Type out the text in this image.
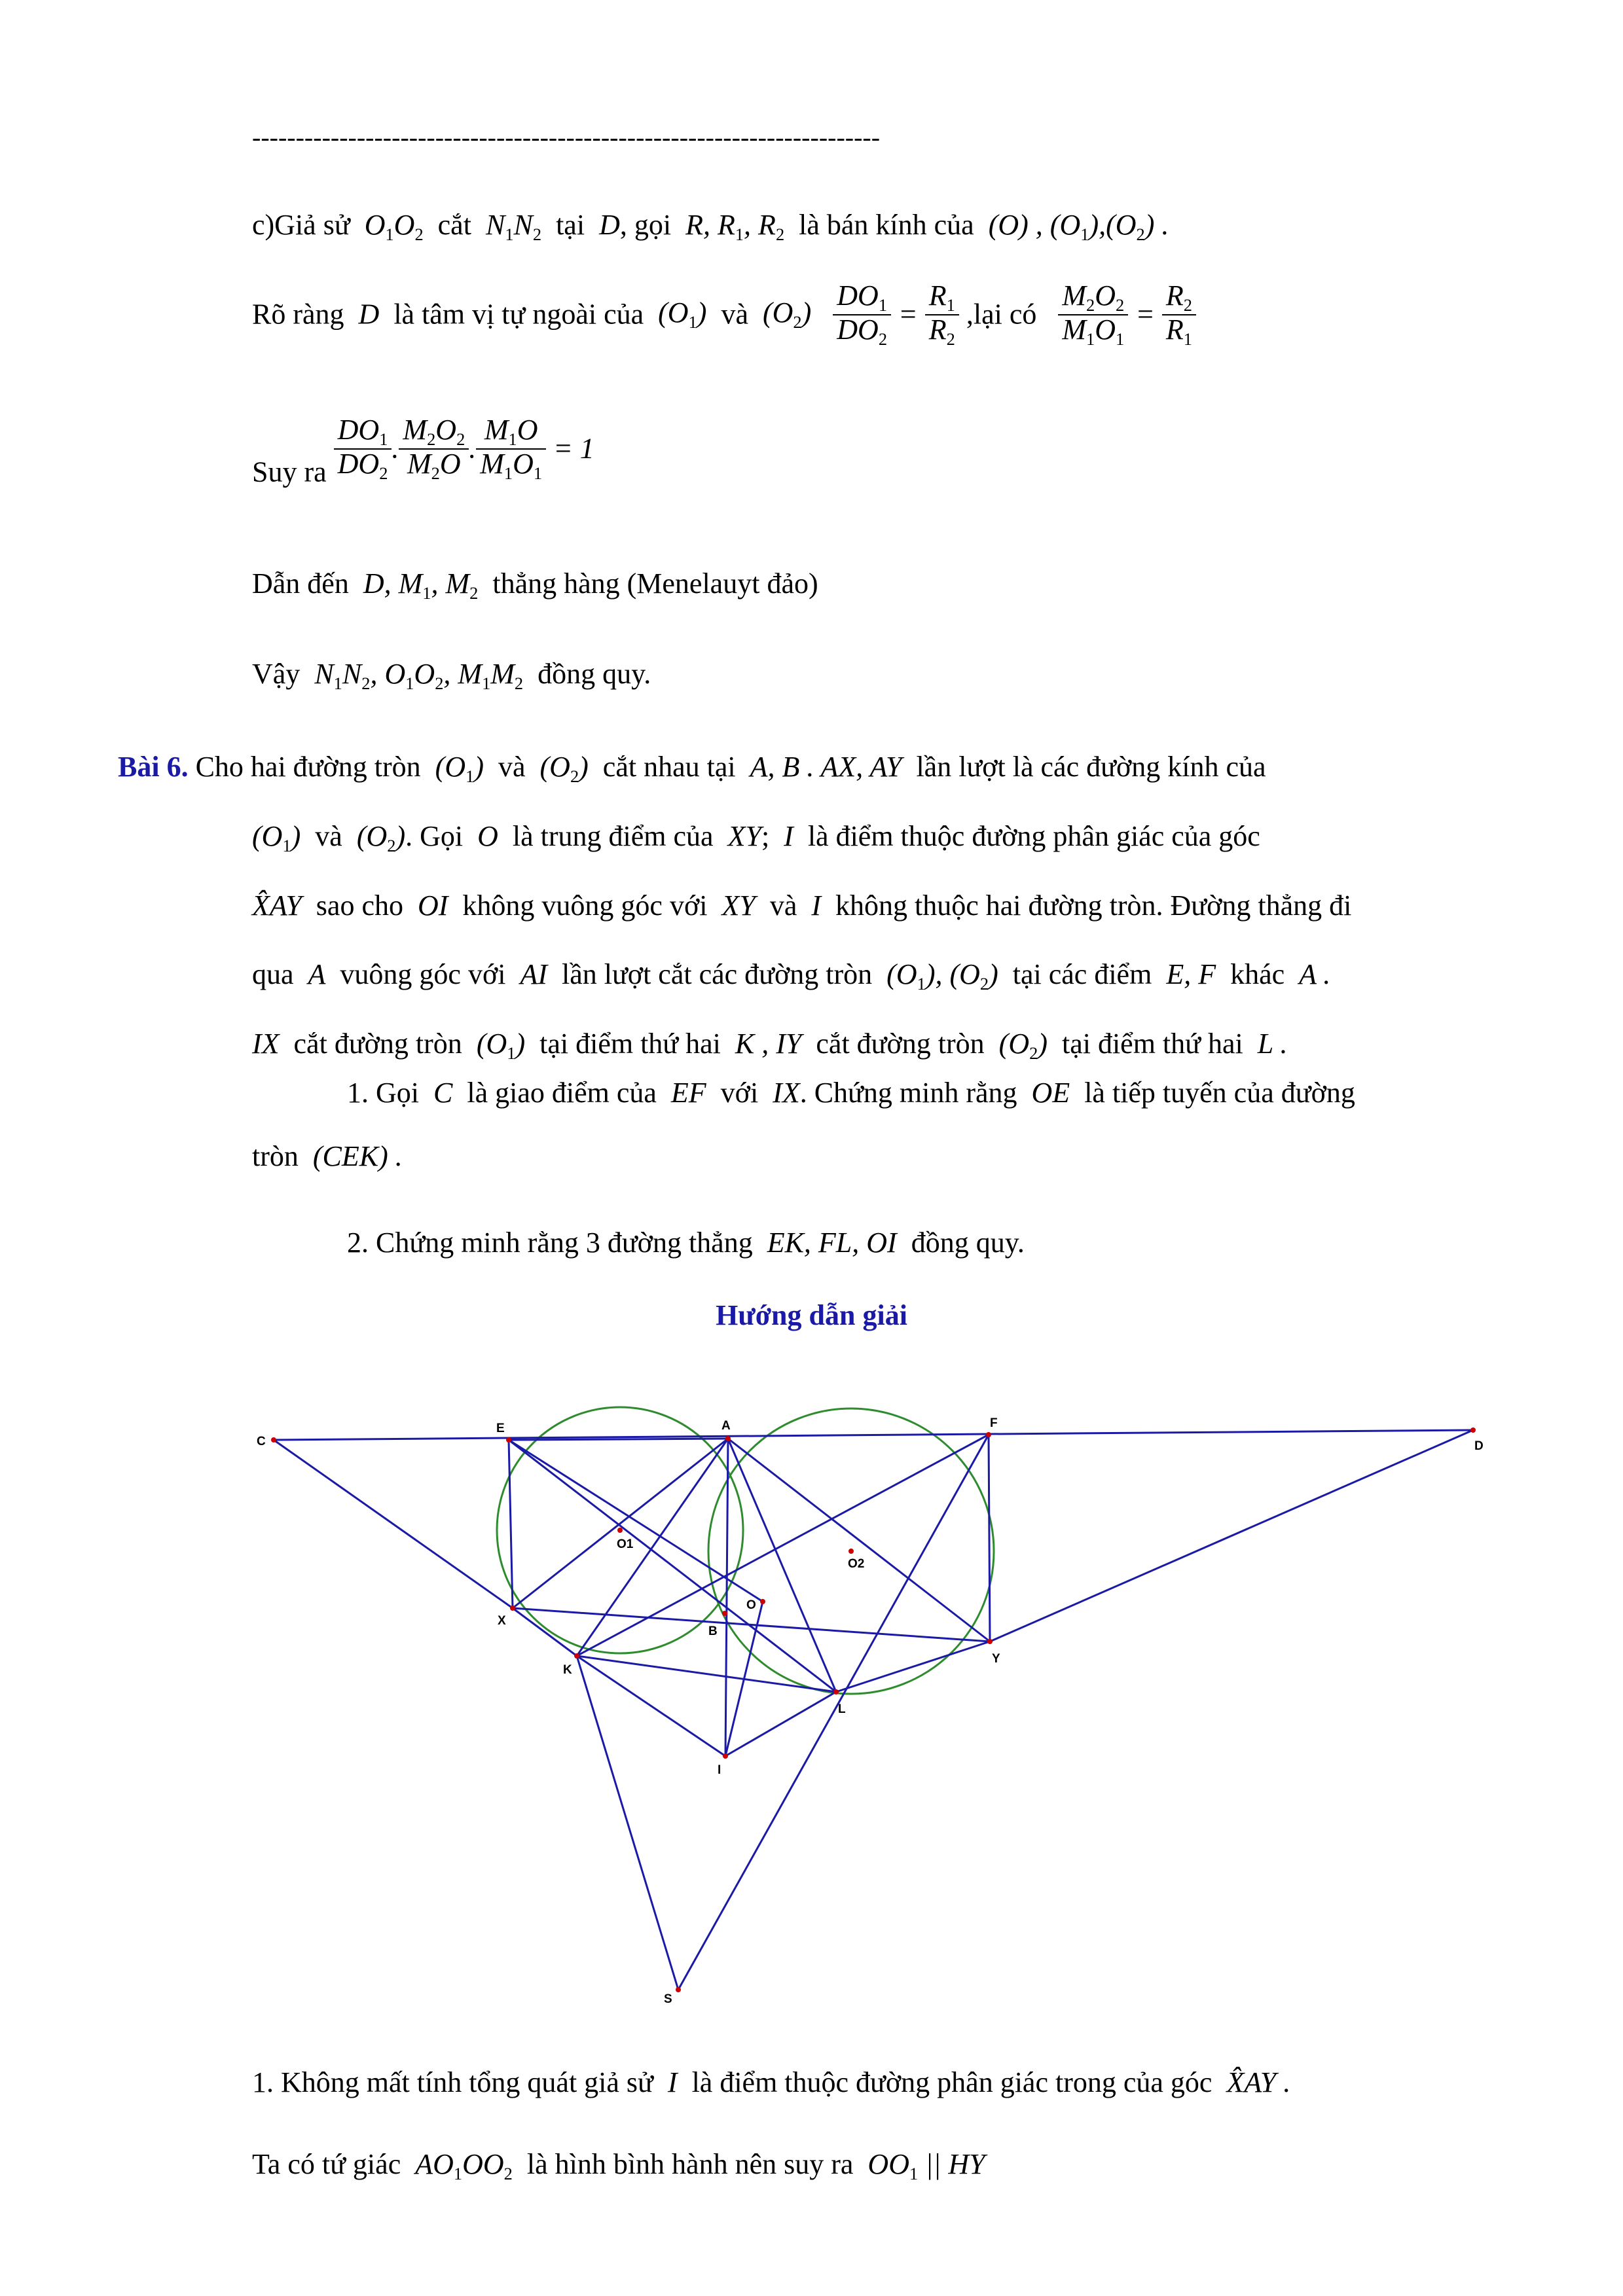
------------------------------------------------------------------------
c)Giả sử  $O_1O_2$ cắt  $N_1N_2$ tại  D, gọi  R, $R_1$, $R_2$ là bán kính của  (O) , $(O_1),(O_2)$ .
Rõ ràng  D  là tâm vị tự ngoài của  $(O_1)$  và  $(O_2) \frac{DO_1}{DO_2} = \frac{R_1}{R_2}$ ,lại có $\frac{M_2O_2}{M_1O_1} = \frac{R_2}{R_1}$
Suy ra $\frac{DO_1}{DO_2}$ . $\frac{M_2O_2}{M_2O}$ . $\frac{M_1O}{M_1O_1} = 1$
Dẫn đến  D, $M_1$, $M_2$ thẳng hàng (Menelauyt đảo)
Vậy  $N_1N_2$, $O_1O_2$, $M_1M_2$ đồng quy.
Bài 6. Cho hai đường tròn  $(O_1)$  và  $(O_2)$  cắt nhau tại  A, B . AX, AY  lần lượt là các đường kính của
$(O_1)$  và  $(O_2)$. Gọi  O  là trung điểm của  XY;  I  là điểm thuộc đường phân giác của góc
X̂AY  sao cho  OI  không vuông góc với  XY  và  I  không thuộc hai đường tròn. Đường thẳng đi
qua  A  vuông góc với  AI  lần lượt cắt các đường tròn  $(O_1)$, $(O_2)$  tại các điểm  E, F  khác  A .
IX  cắt đường tròn  $(O_1)$  tại điểm thứ hai  K , IY  cắt đường tròn  $(O_2)$  tại điểm thứ hai  L .
1. Gọi  C  là giao điểm của  EF  với  IX. Chứng minh rằng  OE  là tiếp tuyến của đường
tròn  (CEK) .
2. Chứng minh rằng 3 đường thẳng  EK, FL, OI  đồng quy.
Hướng dẫn giải
C
E	A	F
D
O1
O2
O
X
B
Y
K
L
I
S
1. Không mất tính tổng quát giả sử  I  là điểm thuộc đường phân giác trong của góc  X̂AY .
Ta có tứ giác  $AO_1OO_2$ là hình bình hành nên suy ra  $OO_1$ || HY
